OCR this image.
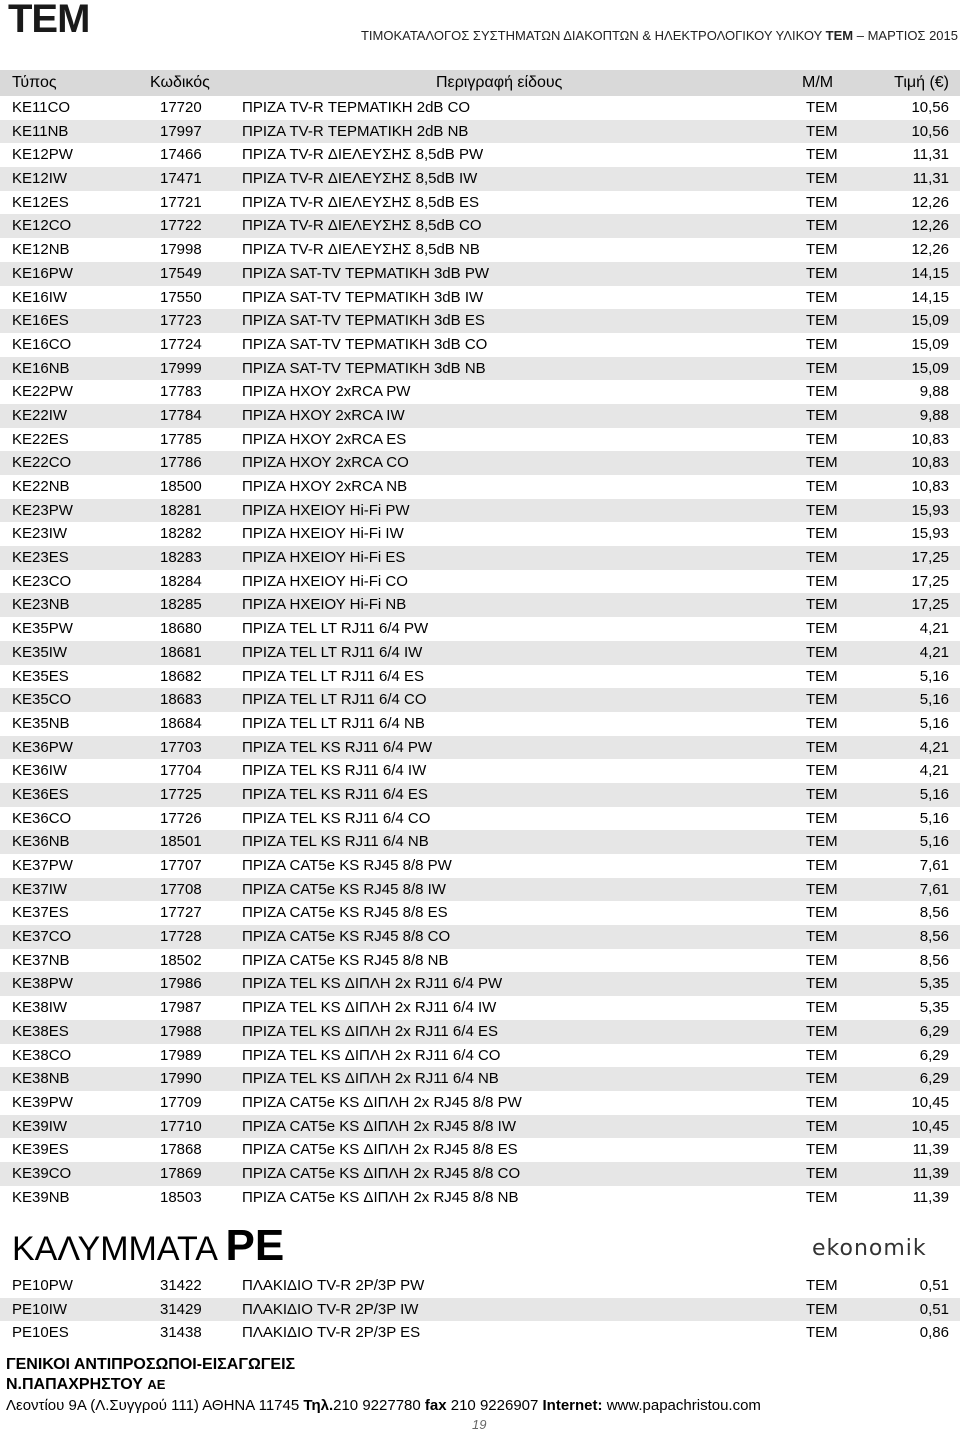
TEM	ΤΙΜΟΚΑΤΑΛΟΓΟΣ ΣΥΣΤΗΜΑΤΩΝ ΔΙΑΚΟΠΤΩΝ & ΗΛΕΚΤΡΟΛΟΓΙΚΟΥ ΥΛΙΚΟΥ TEM – ΜΑΡΤΙΟΣ 2015
Τύπος	Κωδικός	Περιγραφή είδους	Μ/Μ	Τιμή (€)
KE11CO	17720	ΠΡΙΖΑ TV-R ΤΕΡΜΑΤΙΚΗ 2dB CO	TEM	10,56
KE11NB	17997	ΠΡΙΖΑ TV-R ΤΕΡΜΑΤΙΚΗ 2dB NB	TEM	10,56
KE12PW	17466	ΠΡΙΖΑ TV-R ΔΙΕΛΕΥΣΗΣ 8,5dB PW	TEM	11,31
KE12IW	17471	ΠΡΙΖΑ TV-R ΔΙΕΛΕΥΣΗΣ 8,5dB IW	TEM	11,31
KE12ES	17721	ΠΡΙΖΑ TV-R ΔΙΕΛΕΥΣΗΣ 8,5dB ES	TEM	12,26
KE12CO	17722	ΠΡΙΖΑ TV-R ΔΙΕΛΕΥΣΗΣ 8,5dB CO	TEM	12,26
KE12NB	17998	ΠΡΙΖΑ TV-R ΔΙΕΛΕΥΣΗΣ 8,5dB NB	TEM	12,26
KE16PW	17549	ΠΡΙΖΑ SAT-TV ΤΕΡΜΑΤΙΚΗ 3dB PW	TEM	14,15
KE16IW	17550	ΠΡΙΖΑ SAT-TV ΤΕΡΜΑΤΙΚΗ 3dB IW	TEM	14,15
KE16ES	17723	ΠΡΙΖΑ SAT-TV ΤΕΡΜΑΤΙΚΗ 3dB ES	TEM	15,09
KE16CO	17724	ΠΡΙΖΑ SAT-TV ΤΕΡΜΑΤΙΚΗ 3dB CO	TEM	15,09
KE16NB	17999	ΠΡΙΖΑ SAT-TV ΤΕΡΜΑΤΙΚΗ 3dB NB	TEM	15,09
KE22PW	17783	ΠΡΙΖΑ ΗΧΟΥ 2xRCA PW	TEM	9,88
KE22IW	17784	ΠΡΙΖΑ ΗΧΟΥ 2xRCA IW	TEM	9,88
KE22ES	17785	ΠΡΙΖΑ ΗΧΟΥ 2xRCA ES	TEM	10,83
KE22CO	17786	ΠΡΙΖΑ ΗΧΟΥ 2xRCA CO	TEM	10,83
KE22NB	18500	ΠΡΙΖΑ ΗΧΟΥ 2xRCA NB	TEM	10,83
KE23PW	18281	ΠΡΙΖΑ ΗΧΕΙΟΥ Hi-Fi PW	TEM	15,93
KE23IW	18282	ΠΡΙΖΑ ΗΧΕΙΟΥ Hi-Fi IW	TEM	15,93
KE23ES	18283	ΠΡΙΖΑ ΗΧΕΙΟΥ Hi-Fi ES	TEM	17,25
KE23CO	18284	ΠΡΙΖΑ ΗΧΕΙΟΥ Hi-Fi CO	TEM	17,25
KE23NB	18285	ΠΡΙΖΑ ΗΧΕΙΟΥ Hi-Fi NB	TEM	17,25
KE35PW	18680	ΠΡΙΖΑ TEL LT RJ11 6/4 PW	TEM	4,21
KE35IW	18681	ΠΡΙΖΑ TEL LT RJ11 6/4 IW	TEM	4,21
KE35ES	18682	ΠΡΙΖΑ TEL LT RJ11 6/4 ES	TEM	5,16
KE35CO	18683	ΠΡΙΖΑ TEL LT RJ11 6/4 CO	TEM	5,16
KE35NB	18684	ΠΡΙΖΑ TEL LT RJ11 6/4 NB	TEM	5,16
KE36PW	17703	ΠΡΙΖΑ TEL KS RJ11 6/4 PW	TEM	4,21
KE36IW	17704	ΠΡΙΖΑ TEL KS RJ11 6/4 IW	TEM	4,21
KE36ES	17725	ΠΡΙΖΑ TEL KS RJ11 6/4 ES	TEM	5,16
KE36CO	17726	ΠΡΙΖΑ TEL KS RJ11 6/4 CO	TEM	5,16
KE36NB	18501	ΠΡΙΖΑ TEL KS RJ11 6/4 NB	TEM	5,16
KE37PW	17707	ΠΡΙΖΑ CAT5e KS RJ45 8/8 PW	TEM	7,61
KE37IW	17708	ΠΡΙΖΑ CAT5e KS RJ45 8/8 IW	TEM	7,61
KE37ES	17727	ΠΡΙΖΑ CAT5e KS RJ45 8/8 ES	TEM	8,56
KE37CO	17728	ΠΡΙΖΑ CAT5e KS RJ45 8/8 CO	TEM	8,56
KE37NB	18502	ΠΡΙΖΑ CAT5e KS RJ45 8/8 NB	TEM	8,56
KE38PW	17986	ΠΡΙΖΑ TEL KS ΔΙΠΛΗ 2x RJ11 6/4 PW	TEM	5,35
KE38IW	17987	ΠΡΙΖΑ TEL KS ΔΙΠΛΗ 2x RJ11 6/4 IW	TEM	5,35
KE38ES	17988	ΠΡΙΖΑ TEL KS ΔΙΠΛΗ 2x RJ11 6/4 ES	TEM	6,29
KE38CO	17989	ΠΡΙΖΑ TEL KS ΔΙΠΛΗ 2x RJ11 6/4 CO	TEM	6,29
KE38NB	17990	ΠΡΙΖΑ TEL KS ΔΙΠΛΗ 2x RJ11 6/4 NB	TEM	6,29
KE39PW	17709	ΠΡΙΖΑ CAT5e KS ΔΙΠΛΗ 2x RJ45 8/8 PW	TEM	10,45
KE39IW	17710	ΠΡΙΖΑ CAT5e KS ΔΙΠΛΗ 2x RJ45 8/8 IW	TEM	10,45
KE39ES	17868	ΠΡΙΖΑ CAT5e KS ΔΙΠΛΗ 2x RJ45 8/8 ES	TEM	11,39
KE39CO	17869	ΠΡΙΖΑ CAT5e KS ΔΙΠΛΗ 2x RJ45 8/8 CO	TEM	11,39
KE39NB	18503	ΠΡΙΖΑ CAT5e KS ΔΙΠΛΗ 2x RJ45 8/8 NB	TEM	11,39
ΚΑΛΥΜΜΑΤΑ PE	ekonomik
PE10PW	31422	ΠΛΑΚΙΔΙΟ TV-R 2P/3P PW	TEM	0,51
PE10IW	31429	ΠΛΑΚΙΔΙΟ TV-R 2P/3P IW	TEM	0,51
PE10ES	31438	ΠΛΑΚΙΔΙΟ TV-R 2P/3P ES	TEM	0,86
ΓΕΝΙΚΟΙ ΑΝΤΙΠΡΟΣΩΠΟΙ-ΕΙΣΑΓΩΓΕΙΣ
Ν.ΠΑΠΑΧΡΗΣΤΟΥ ΑΕ
Λεοντίου 9Α (Λ.Συγγρού 111) ΑΘΗΝΑ 11745 Τηλ.210 9227780 fax 210 9226907 Internet: www.papachristou.com
19
